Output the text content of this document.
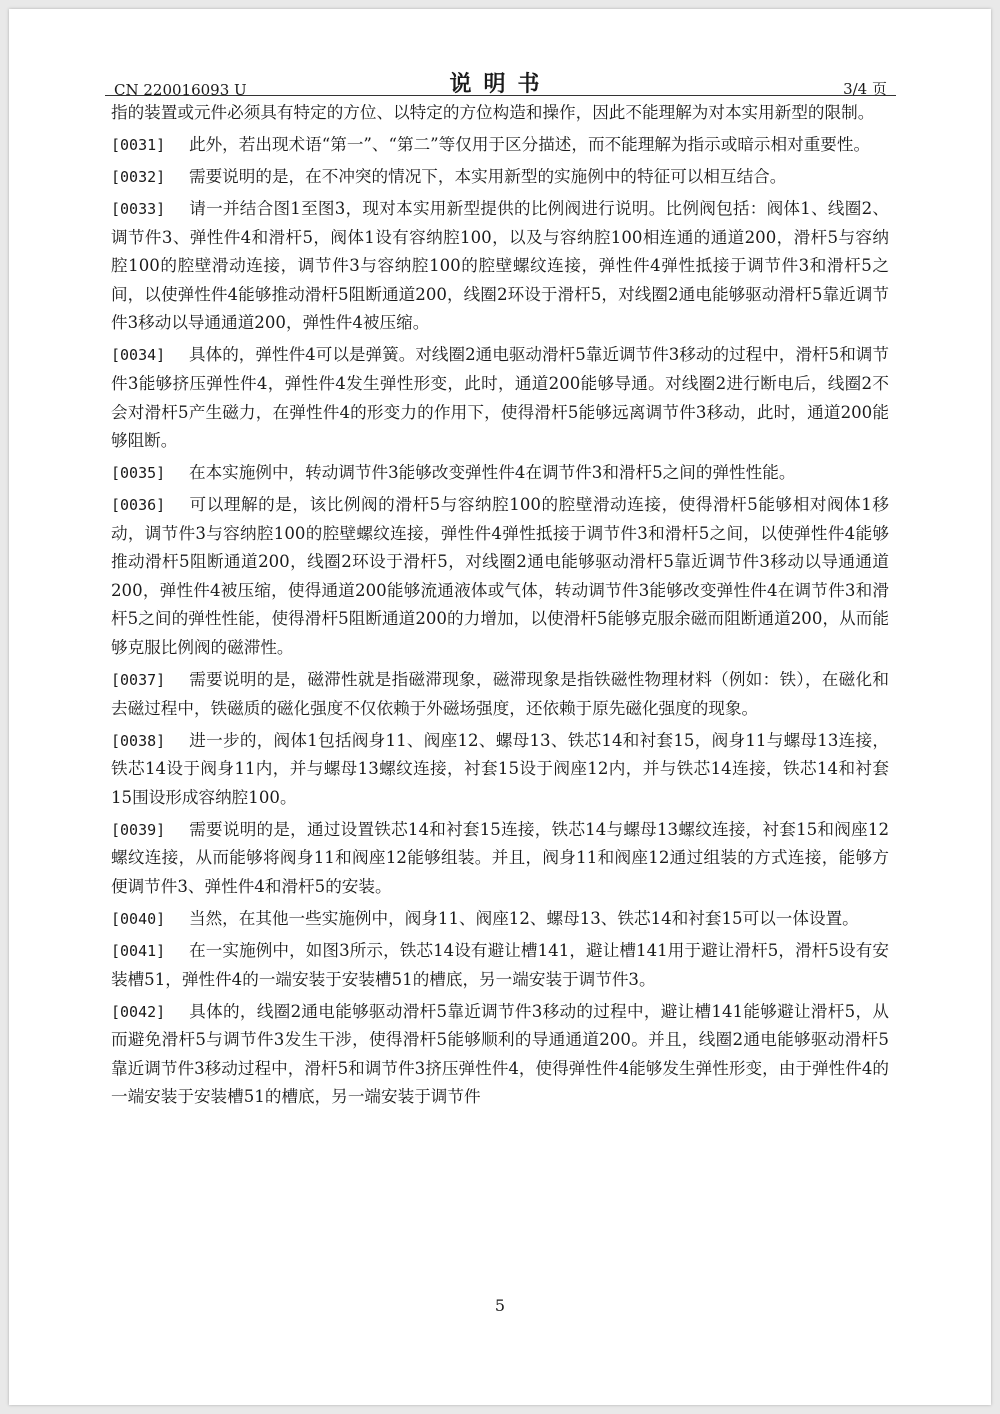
CN 220016093 U	说明书	3/4 页

指的装置或元件必须具有特定的方位、以特定的方位构造和操作，因此不能理解为对本实用新型的限制。

[0031] 此外，若出现术语“第一”、“第二”等仅用于区分描述，而不能理解为指示或暗示相对重要性。

[0032] 需要说明的是，在不冲突的情况下，本实用新型的实施例中的特征可以相互结合。

[0033] 请一并结合图1至图3，现对本实用新型提供的比例阀进行说明。比例阀包括：阀体1、线圈2、调节件3、弹性件4和滑杆5，阀体1设有容纳腔100，以及与容纳腔100相连通的通道200，滑杆5与容纳腔100的腔壁滑动连接，调节件3与容纳腔100的腔壁螺纹连接，弹性件4弹性抵接于调节件3和滑杆5之间，以使弹性件4能够推动滑杆5阻断通道200，线圈2环设于滑杆5，对线圈2通电能够驱动滑杆5靠近调节件3移动以导通通道200，弹性件4被压缩。

[0034] 具体的，弹性件4可以是弹簧。对线圈2通电驱动滑杆5靠近调节件3移动的过程中，滑杆5和调节件3能够挤压弹性件4，弹性件4发生弹性形变，此时，通道200能够导通。对线圈2进行断电后，线圈2不会对滑杆5产生磁力，在弹性件4的形变力的作用下，使得滑杆5能够远离调节件3移动，此时，通道200能够阻断。

[0035] 在本实施例中，转动调节件3能够改变弹性件4在调节件3和滑杆5之间的弹性性能。

[0036] 可以理解的是，该比例阀的滑杆5与容纳腔100的腔壁滑动连接，使得滑杆5能够相对阀体1移动，调节件3与容纳腔100的腔壁螺纹连接，弹性件4弹性抵接于调节件3和滑杆5之间，以使弹性件4能够推动滑杆5阻断通道200，线圈2环设于滑杆5，对线圈2通电能够驱动滑杆5靠近调节件3移动以导通通道200，弹性件4被压缩，使得通道200能够流通液体或气体，转动调节件3能够改变弹性件4在调节件3和滑杆5之间的弹性性能，使得滑杆5阻断通道200的力增加，以使滑杆5能够克服余磁而阻断通道200，从而能够克服比例阀的磁滞性。

[0037] 需要说明的是，磁滞性就是指磁滞现象，磁滞现象是指铁磁性物理材料（例如：铁），在磁化和去磁过程中，铁磁质的磁化强度不仅依赖于外磁场强度，还依赖于原先磁化强度的现象。

[0038] 进一步的，阀体1包括阀身11、阀座12、螺母13、铁芯14和衬套15，阀身11与螺母13连接，铁芯14设于阀身11内，并与螺母13螺纹连接，衬套15设于阀座12内，并与铁芯14连接，铁芯14和衬套15围设形成容纳腔100。

[0039] 需要说明的是，通过设置铁芯14和衬套15连接，铁芯14与螺母13螺纹连接，衬套15和阀座12螺纹连接，从而能够将阀身11和阀座12能够组装。并且，阀身11和阀座12通过组装的方式连接，能够方便调节件3、弹性件4和滑杆5的安装。

[0040] 当然，在其他一些实施例中，阀身11、阀座12、螺母13、铁芯14和衬套15可以一体设置。

[0041] 在一实施例中，如图3所示，铁芯14设有避让槽141，避让槽141用于避让滑杆5，滑杆5设有安装槽51，弹性件4的一端安装于安装槽51的槽底，另一端安装于调节件3。

[0042] 具体的，线圈2通电能够驱动滑杆5靠近调节件3移动的过程中，避让槽141能够避让滑杆5，从而避免滑杆5与调节件3发生干涉，使得滑杆5能够顺利的导通通道200。并且，线圈2通电能够驱动滑杆5靠近调节件3移动过程中，滑杆5和调节件3挤压弹性件4，使得弹性件4能够发生弹性形变，由于弹性件4的一端安装于安装槽51的槽底，另一端安装于调节件

5
